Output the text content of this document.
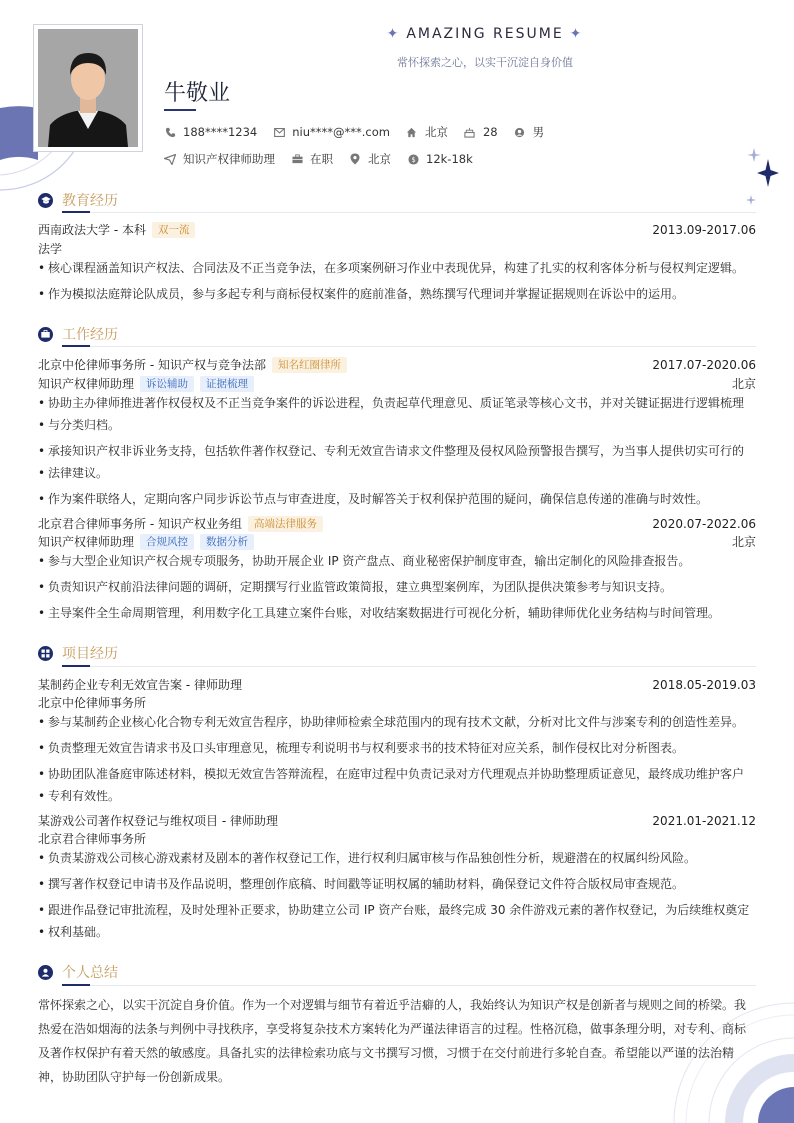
✦ AMAZING RESUME ✦
常怀探索之心，以实干沉淀自身价值
牛敬业
188****1234	niu****@***.com	北京	28	男
知识产权律师助理	在职	北京	$ 12k-18k
教育经历
西南政法大学 - 本科	双一流	2013.09-2017.06
法学
• 核心课程涵盖知识产权法、合同法及不正当竞争法，在多项案例研习作业中表现优异，构建了扎实的权利客体分析与侵权判定逻辑。
• 作为模拟法庭辩论队成员，参与多起专利与商标侵权案件的庭前准备，熟练撰写代理词并掌握证据规则在诉讼中的运用。
工作经历
北京中伦律师事务所 - 知识产权与竞争法部	知名红圈律所	2017.07-2020.06
知识产权律师助理	诉讼辅助	证据梳理	北京
• 协助主办律师推进著作权侵权及不正当竞争案件的诉讼进程，负责起草代理意见、质证笔录等核心文书，并对关键证据进行逻辑梳理
• 与分类归档。
• 承接知识产权非诉业务支持，包括软件著作权登记、专利无效宣告请求文件整理及侵权风险预警报告撰写，为当事人提供切实可行的
• 法律建议。
• 作为案件联络人，定期向客户同步诉讼节点与审查进度，及时解答关于权利保护范围的疑问，确保信息传递的准确与时效性。
北京君合律师事务所 - 知识产权业务组	高端法律服务	2020.07-2022.06
知识产权律师助理	合规风控	数据分析	北京
• 参与大型企业知识产权合规专项服务，协助开展企业 IP 资产盘点、商业秘密保护制度审查，输出定制化的风险排查报告。
• 负责知识产权前沿法律问题的调研，定期撰写行业监管政策简报，建立典型案例库，为团队提供决策参考与知识支持。
• 主导案件全生命周期管理，利用数字化工具建立案件台账，对收结案数据进行可视化分析，辅助律师优化业务结构与时间管理。
项目经历
某制药企业专利无效宣告案 - 律师助理	2018.05-2019.03
北京中伦律师事务所
• 参与某制药企业核心化合物专利无效宣告程序，协助律师检索全球范围内的现有技术文献，分析对比文件与涉案专利的创造性差异。
• 负责整理无效宣告请求书及口头审理意见，梳理专利说明书与权利要求书的技术特征对应关系，制作侵权比对分析图表。
• 协助团队准备庭审陈述材料，模拟无效宣告答辩流程，在庭审过程中负责记录对方代理观点并协助整理质证意见，最终成功维护客户
• 专利有效性。
某游戏公司著作权登记与维权项目 - 律师助理	2021.01-2021.12
北京君合律师事务所
• 负责某游戏公司核心游戏素材及剧本的著作权登记工作，进行权利归属审核与作品独创性分析，规避潜在的权属纠纷风险。
• 撰写著作权登记申请书及作品说明，整理创作底稿、时间戳等证明权属的辅助材料，确保登记文件符合版权局审查规范。
• 跟进作品登记审批流程，及时处理补正要求，协助建立公司 IP 资产台账，最终完成 30 余件游戏元素的著作权登记，为后续维权奠定
• 权利基础。
个人总结
常怀探索之心，以实干沉淀自身价值。作为一个对逻辑与细节有着近乎洁癖的人，我始终认为知识产权是创新者与规则之间的桥梁。我
热爱在浩如烟海的法条与判例中寻找秩序，享受将复杂技术方案转化为严谨法律语言的过程。性格沉稳，做事条理分明，对专利、商标
及著作权保护有着天然的敏感度。具备扎实的法律检索功底与文书撰写习惯，习惯于在交付前进行多轮自查。希望能以严谨的法治精
神，协助团队守护每一份创新成果。
